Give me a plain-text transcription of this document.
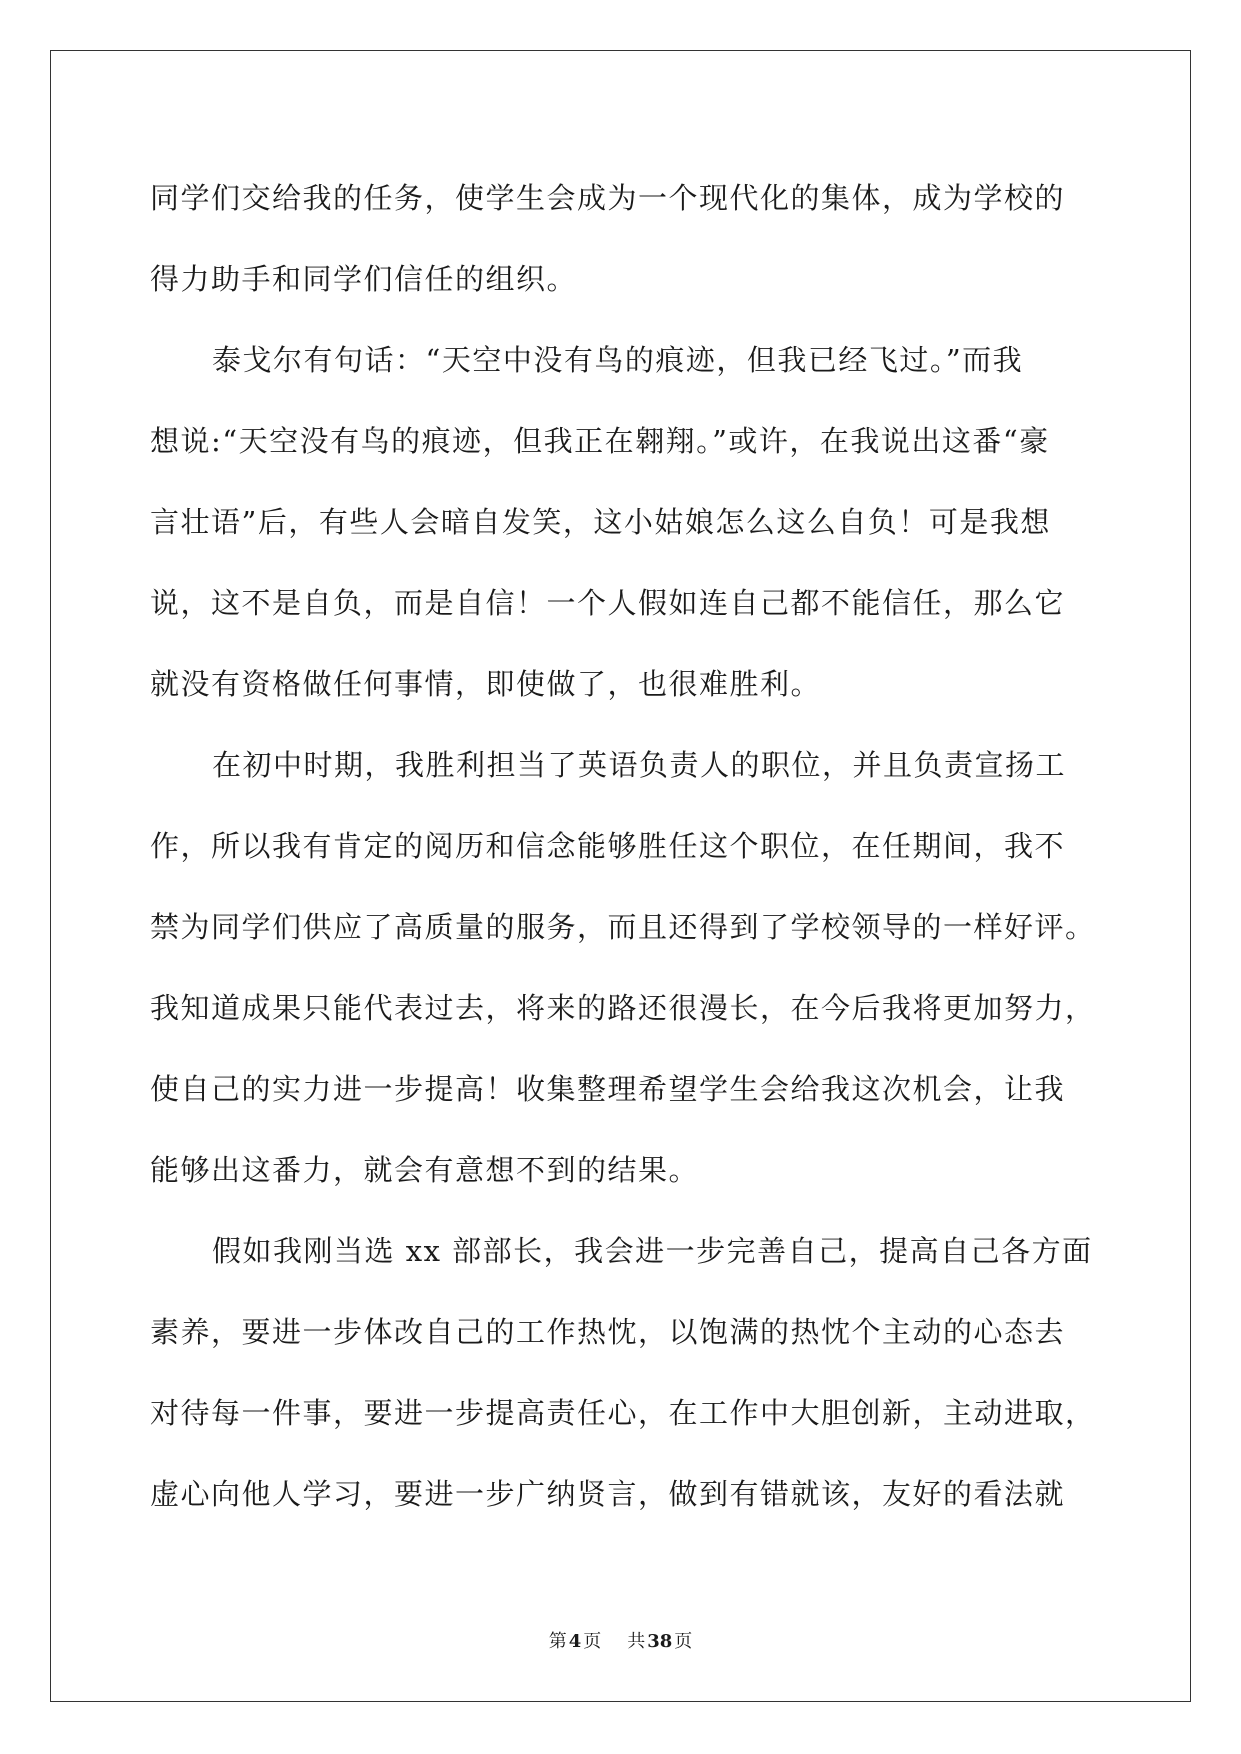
同学们交给我的任务，使学生会成为一个现代化的集体，成为学校的
得力助手和同学们信任的组织。
泰戈尔有句话：“天空中没有鸟的痕迹，但我已经飞过。”而我
想说:“天空没有鸟的痕迹，但我正在翱翔。”或许，在我说出这番“豪
言壮语”后，有些人会暗自发笑，这小姑娘怎么这么自负！可是我想
说，这不是自负，而是自信！一个人假如连自己都不能信任，那么它
就没有资格做任何事情，即使做了，也很难胜利。
在初中时期，我胜利担当了英语负责人的职位，并且负责宣扬工
作，所以我有肯定的阅历和信念能够胜任这个职位，在任期间，我不
禁为同学们供应了高质量的服务，而且还得到了学校领导的一样好评。
我知道成果只能代表过去，将来的路还很漫长，在今后我将更加努力，
使自己的实力进一步提高！收集整理希望学生会给我这次机会，让我
能够出这番力，就会有意想不到的结果。
假如我刚当选 xx 部部长，我会进一步完善自己，提高自己各方面
素养，要进一步体改自己的工作热忱，以饱满的热忱个主动的心态去
对待每一件事，要进一步提高责任心，在工作中大胆创新，主动进取，
虚心向他人学习，要进一步广纳贤言，做到有错就该，友好的看法就
第 4 页 共 38 页
